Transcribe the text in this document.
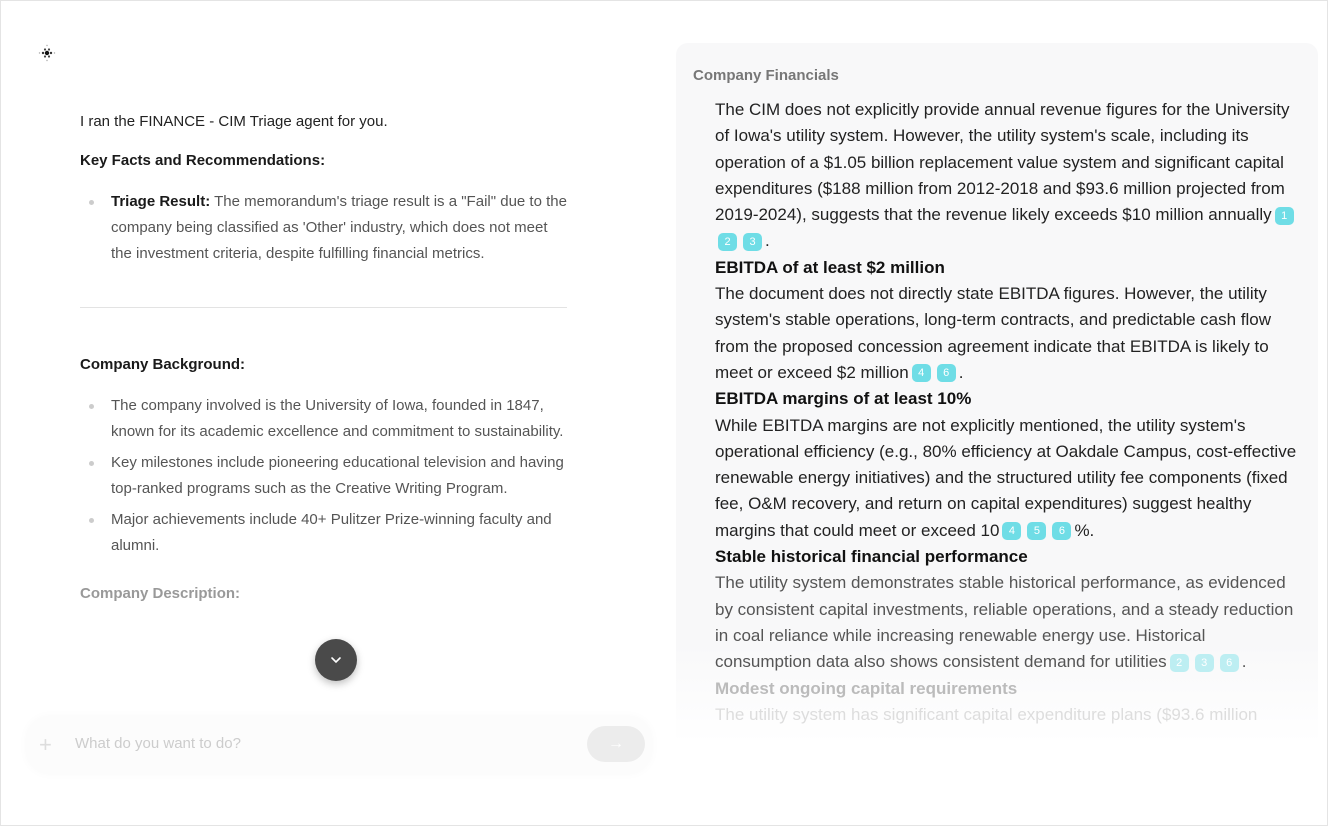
I ran the FINANCE - CIM Triage agent for you.

Key Facts and Recommendations:
Triage Result: The memorandum's triage result is a "Fail" due to the company being classified as 'Other' industry, which does not meet the investment criteria, despite fulfilling financial metrics.
Company Background:
The company involved is the University of Iowa, founded in 1847, known for its academic excellence and commitment to sustainability.
Key milestones include pioneering educational television and having top-ranked programs such as the Creative Writing Program.
Major achievements include 40+ Pulitzer Prize-winning faculty and alumni.
Company Description:
+
What do you want to do?	→
Company Financials

The CIM does not explicitly provide annual revenue figures for the University of Iowa's utility system. However, the utility system's scale, including its operation of a $1.05 billion replacement value system and significant capital expenditures ($188 million from 2012-2018 and $93.6 million projected from 2019-2024), suggests that the revenue likely exceeds $10 million annually 12 3 .

EBITDA of at least $2 million

The document does not directly state EBITDA figures. However, the utility system's stable operations, long-term contracts, and predictable cash flow from the proposed concession agreement indicate that EBITDA is likely to meet or exceed $2 million 4 6 .

EBITDA margins of at least 10%

While EBITDA margins are not explicitly mentioned, the utility system's operational efficiency (e.g., 80% efficiency at Oakdale Campus, cost-effective renewable energy initiatives) and the structured utility fee components (fixed fee, O&M recovery, and return on capital expenditures) suggest healthy margins that could meet or exceed 10 4 5 6 %.

Stable historical financial performance

The utility system demonstrates stable historical performance, as evidenced by consistent capital investments, reliable operations, and a steady reduction in coal reliance while increasing renewable energy use. Historical consumption data also shows consistent demand for utilities 2 3 6 .

Modest ongoing capital requirements

The utility system has significant capital expenditure plans ($93.6 million
